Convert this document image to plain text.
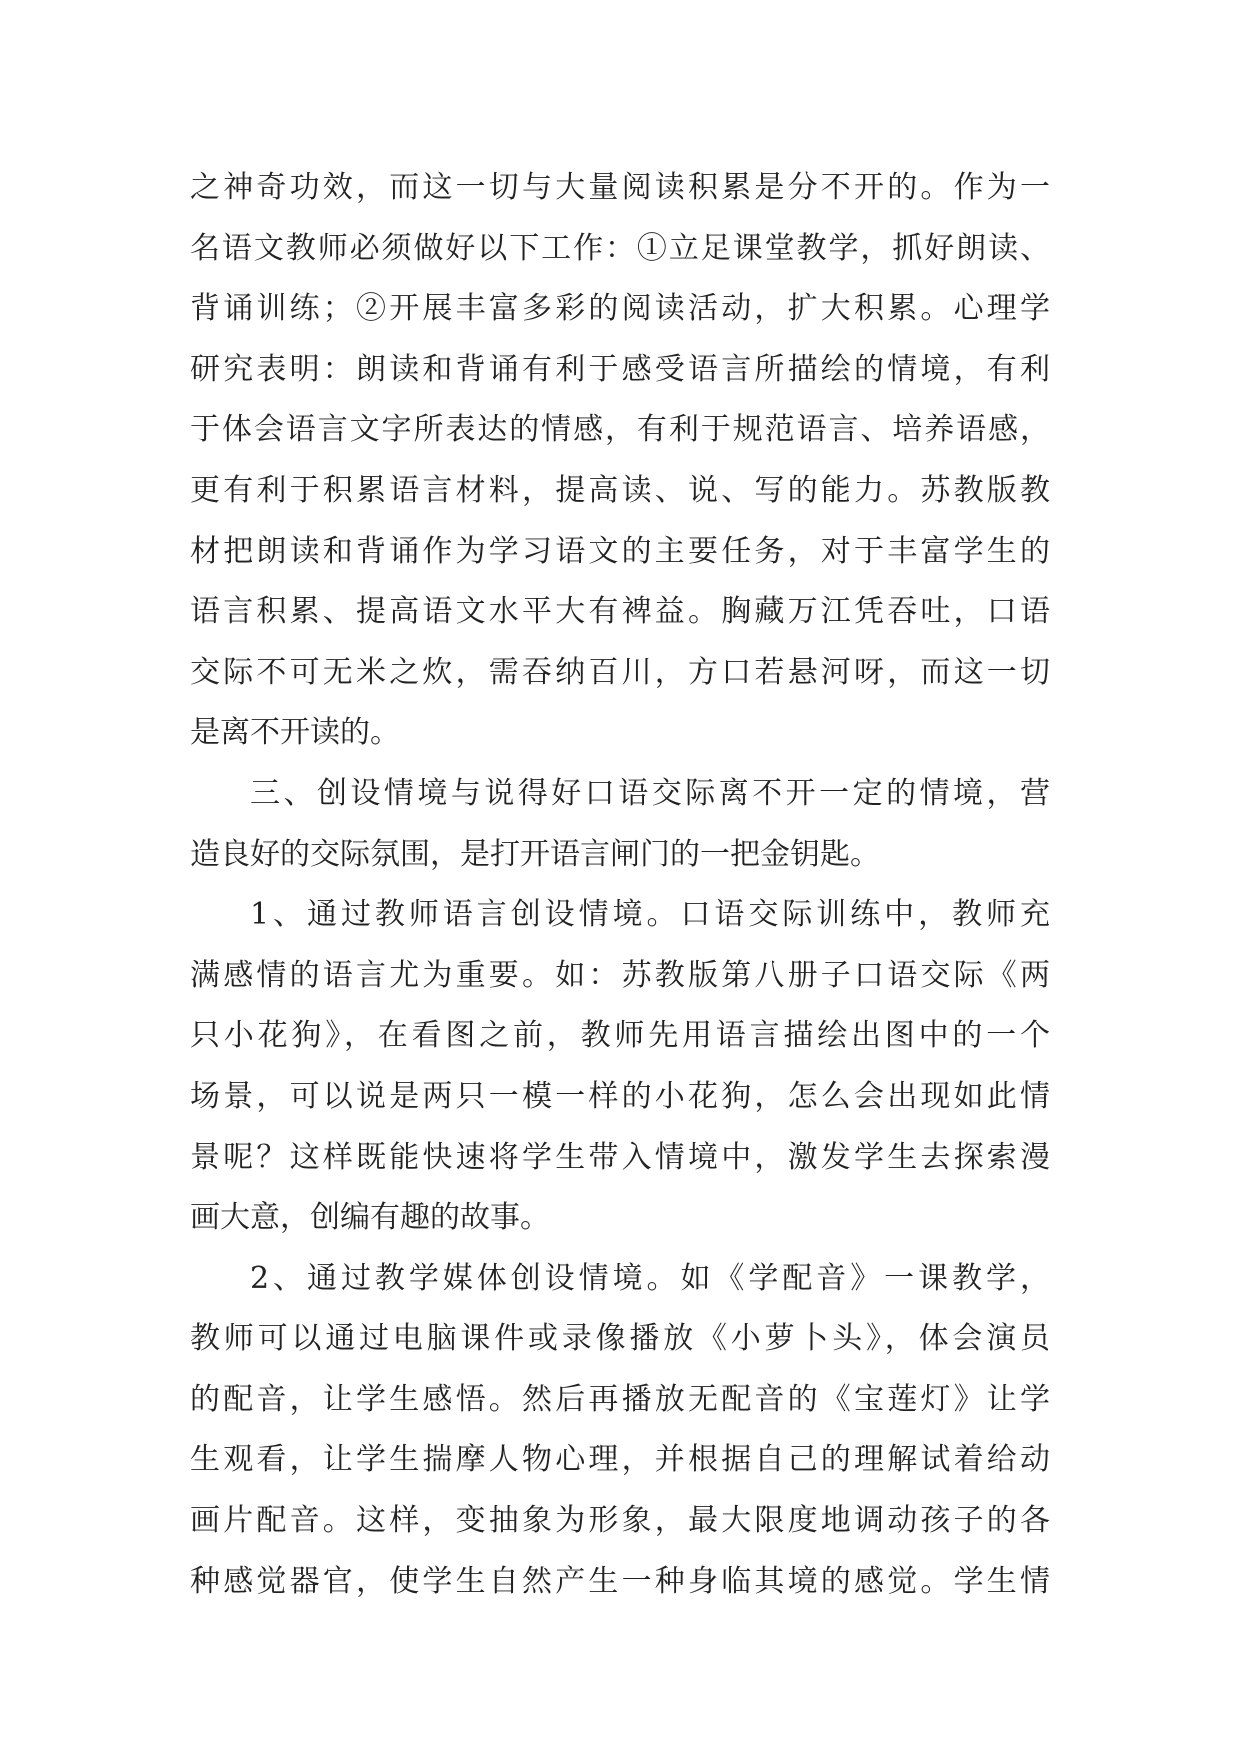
之神奇功效，而这一切与大量阅读积累是分不开的。作为一
名语文教师必须做好以下工作：①立足课堂教学，抓好朗读、
背诵训练；②开展丰富多彩的阅读活动，扩大积累。心理学
研究表明：朗读和背诵有利于感受语言所描绘的情境，有利
于体会语言文字所表达的情感，有利于规范语言、培养语感，
更有利于积累语言材料，提高读、说、写的能力。苏教版教
材把朗读和背诵作为学习语文的主要任务，对于丰富学生的
语言积累、提高语文水平大有裨益。胸藏万江凭吞吐，口语
交际不可无米之炊，需吞纳百川，方口若悬河呀，而这一切
是离不开读的。
三、创设情境与说得好口语交际离不开一定的情境，营
造良好的交际氛围，是打开语言闸门的一把金钥匙。
1、通过教师语言创设情境。口语交际训练中，教师充
满感情的语言尤为重要。如：苏教版第八册子口语交际《两
只小花狗》，在看图之前，教师先用语言描绘出图中的一个
场景，可以说是两只一模一样的小花狗，怎么会出现如此情
景呢？这样既能快速将学生带入情境中，激发学生去探索漫
画大意，创编有趣的故事。
2、通过教学媒体创设情境。如《学配音》一课教学，
教师可以通过电脑课件或录像播放《小萝卜头》，体会演员
的配音，让学生感悟。然后再播放无配音的《宝莲灯》让学
生观看，让学生揣摩人物心理，并根据自己的理解试着给动
画片配音。这样，变抽象为形象，最大限度地调动孩子的各
种感觉器官，使学生自然产生一种身临其境的感觉。学生情
